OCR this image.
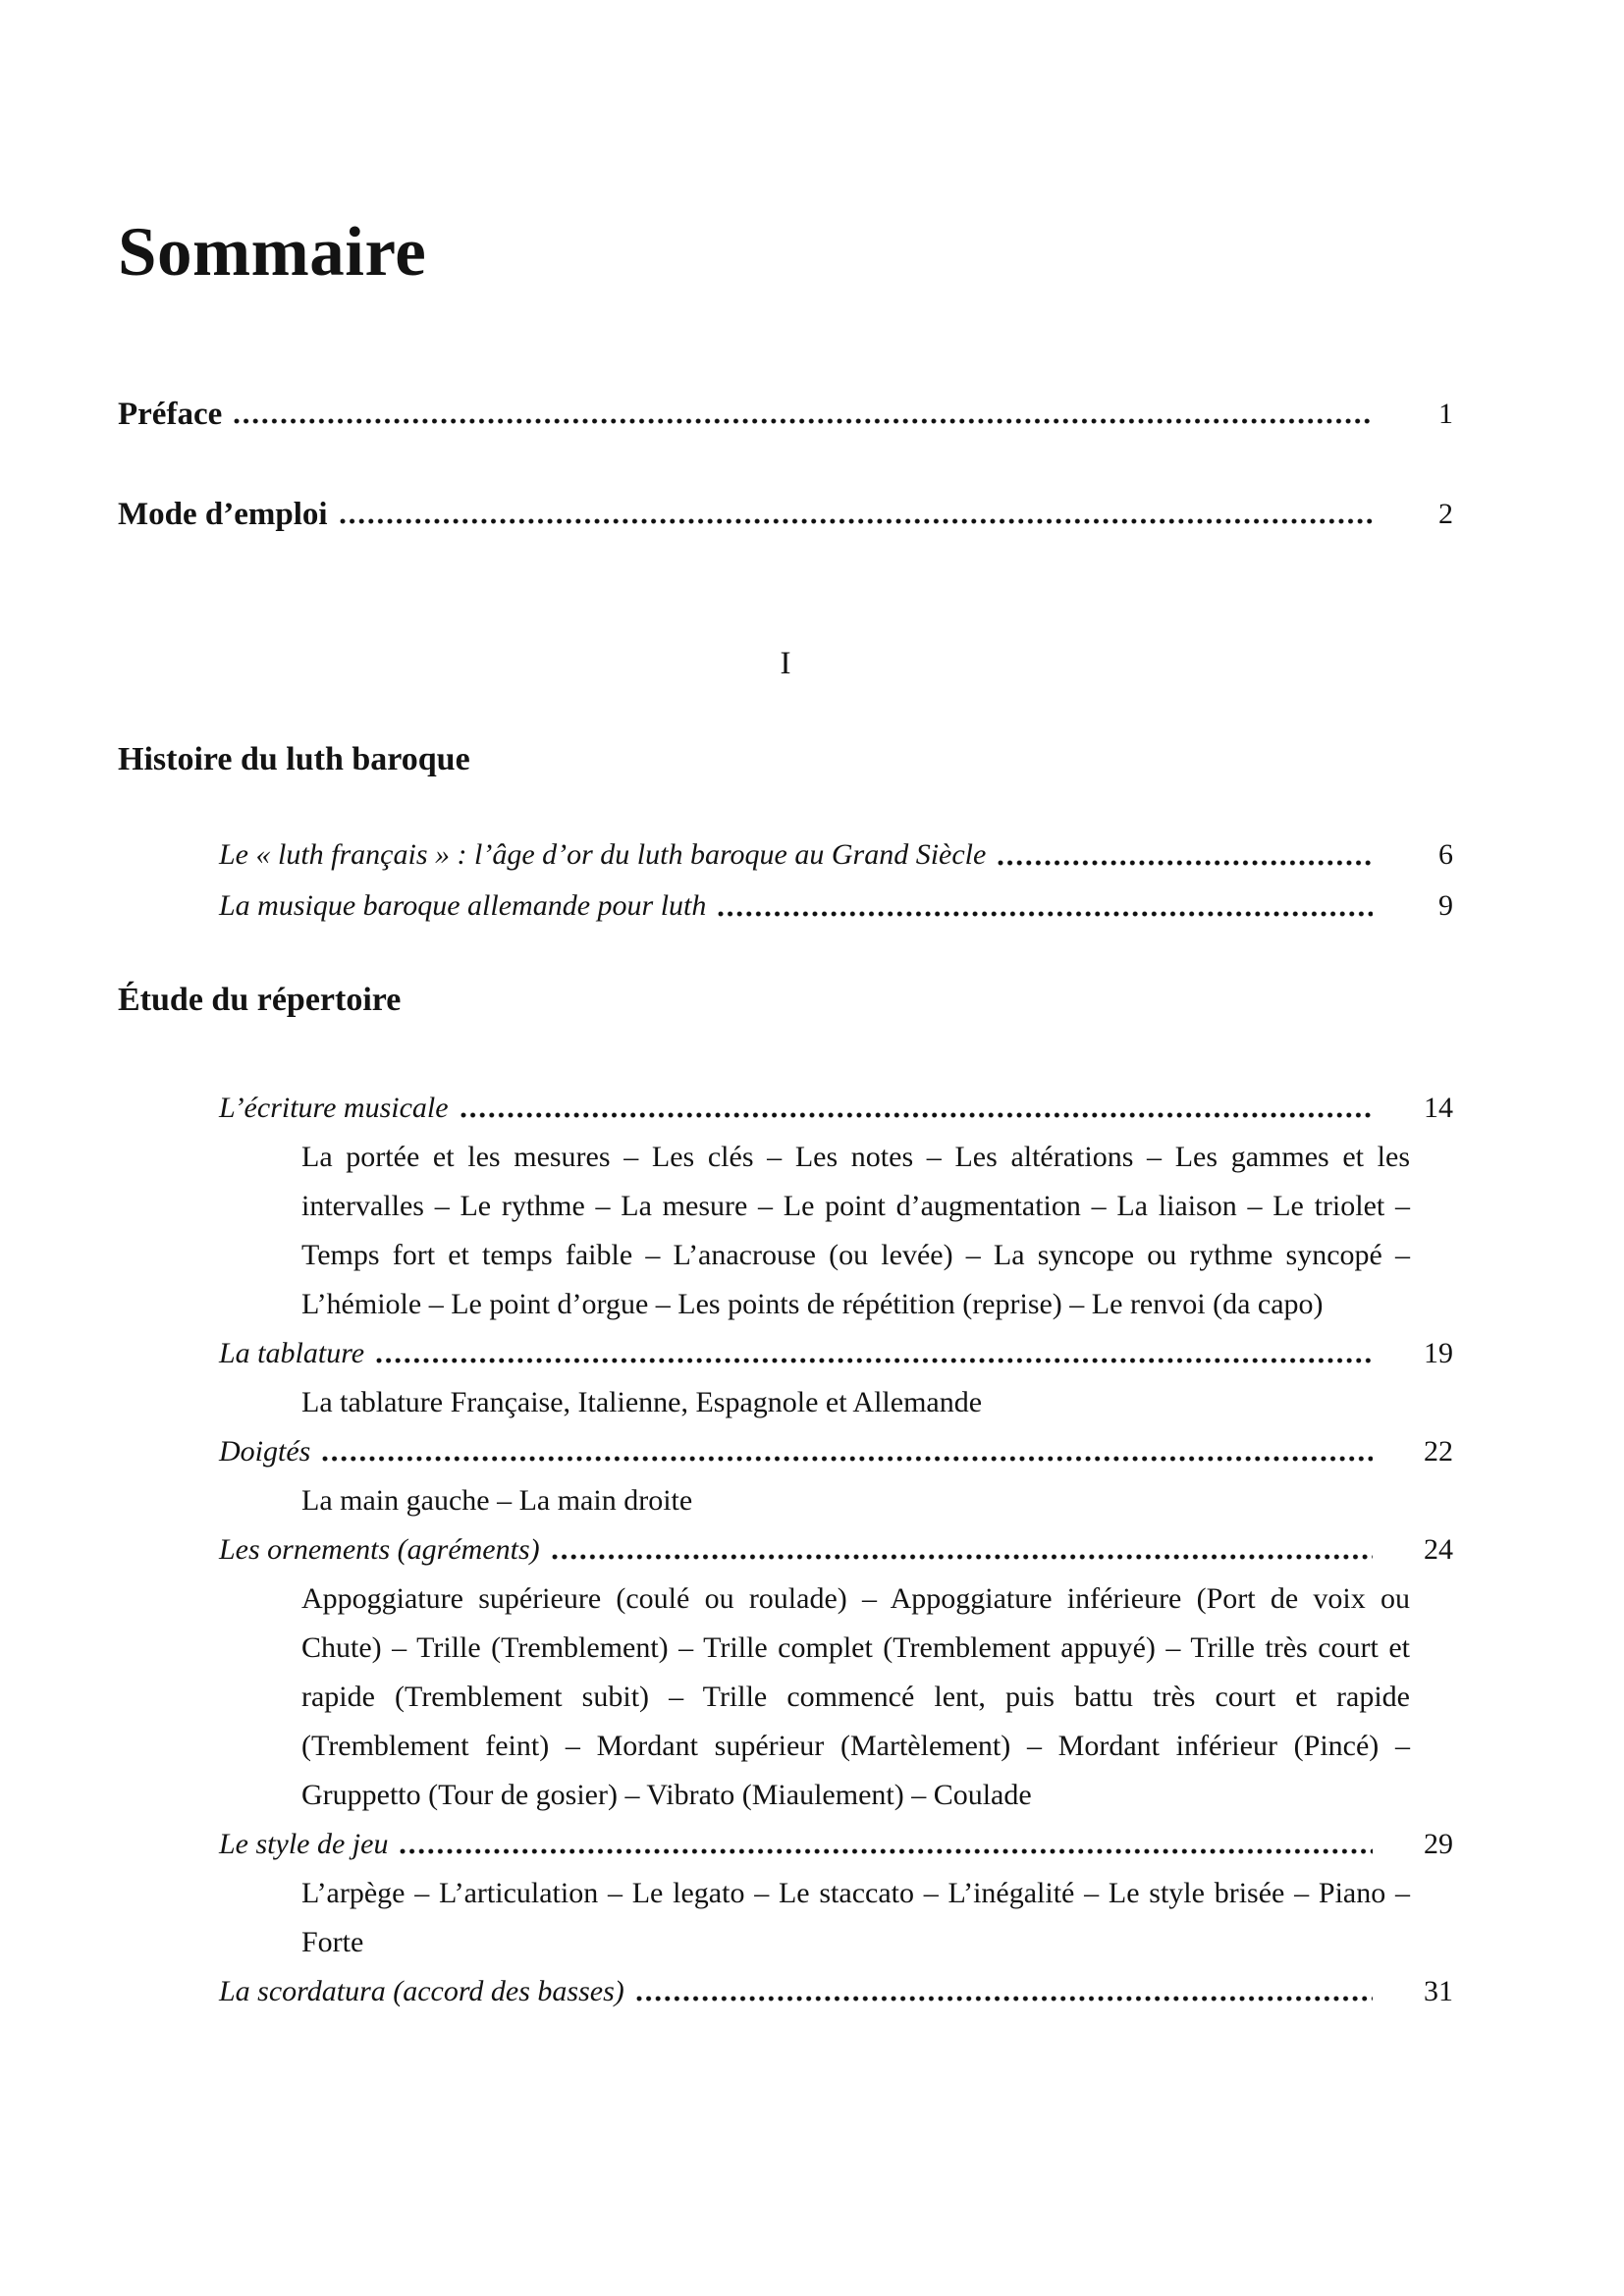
Sommaire
Préface	1
Mode d’emploi	2
I
Histoire du luth baroque
Le « luth français » : l’âge d’or du luth baroque au Grand Siècle	6
La musique baroque allemande pour luth	9
Étude du répertoire
L’écriture musicale	14
La portée et les mesures – Les clés – Les notes – Les altérations – Les gammes et les intervalles – Le rythme – La mesure – Le point d’augmentation – La liaison – Le triolet – Temps fort et temps faible – L’anacrouse (ou levée) – La syncope ou rythme syncopé – L’hémiole – Le point d’orgue – Les points de répétition (reprise) – Le renvoi (da capo)
La tablature	19
La tablature Française, Italienne, Espagnole et Allemande
Doigtés	22
La main gauche – La main droite
Les ornements (agréments)	24
Appoggiature supérieure (coulé ou roulade) – Appoggiature inférieure (Port de voix ou Chute) – Trille (Tremblement) – Trille complet (Tremblement appuyé) – Trille très court et rapide (Tremblement subit) – Trille commencé lent, puis battu très court et rapide (Tremblement feint) – Mordant supérieur (Martèlement) – Mordant inférieur (Pincé) – Gruppetto (Tour de gosier) – Vibrato (Miaulement) – Coulade
Le style de jeu	29
L’arpège – L’articulation – Le legato – Le staccato – L’inégalité – Le style brisée – Piano – Forte
La scordatura (accord des basses)	31
